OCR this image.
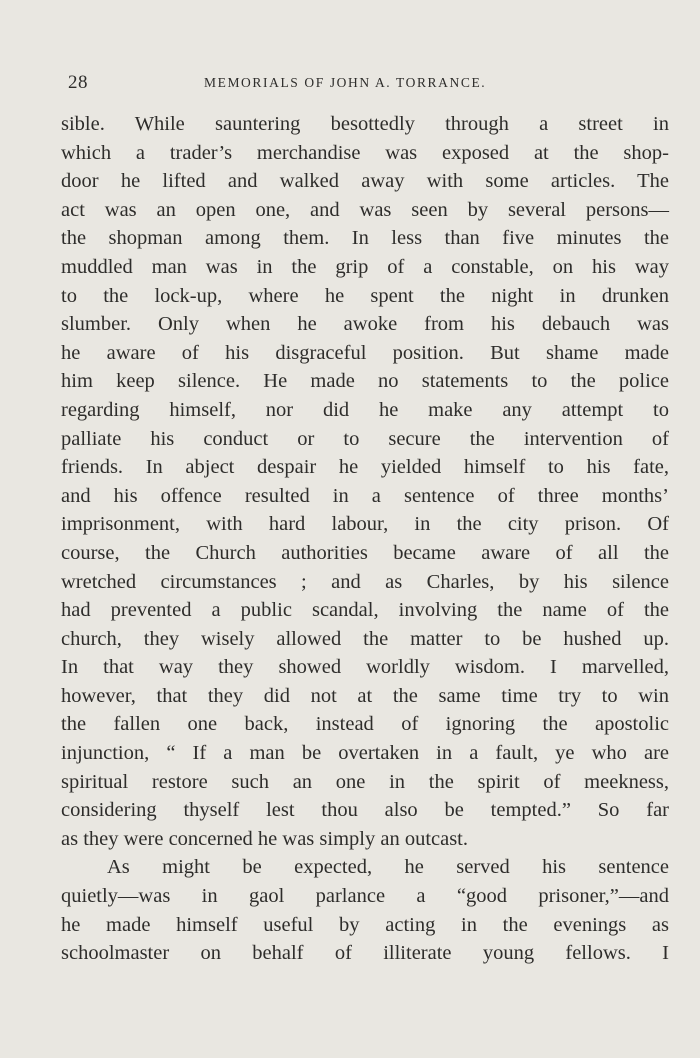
28	MEMORIALS OF JOHN A. TORRANCE.
sible. While sauntering besottedly through a street in
which a trader’s merchandise was exposed at the shop-
door he lifted and walked away with some articles. The
act was an open one, and was seen by several persons—
the shopman among them. In less than five minutes the
muddled man was in the grip of a constable, on his way
to the lock-up, where he spent the night in drunken
slumber. Only when he awoke from his debauch was
he aware of his disgraceful position. But shame made
him keep silence. He made no statements to the police
regarding himself, nor did he make any attempt to
palliate his conduct or to secure the intervention of
friends. In abject despair he yielded himself to his fate,
and his offence resulted in a sentence of three months’
imprisonment, with hard labour, in the city prison. Of
course, the Church authorities became aware of all the
wretched circumstances ; and as Charles, by his silence
had prevented a public scandal, involving the name of the
church, they wisely allowed the matter to be hushed up.
In that way they showed worldly wisdom. I marvelled,
however, that they did not at the same time try to win
the fallen one back, instead of ignoring the apostolic
injunction, “ If a man be overtaken in a fault, ye who are
spiritual restore such an one in the spirit of meekness,
considering thyself lest thou also be tempted.” So far
as they were concerned he was simply an outcast.
As might be expected, he served his sentence
quietly—was in gaol parlance a “good prisoner,”—and
he made himself useful by acting in the evenings as
schoolmaster on behalf of illiterate young fellows. I
